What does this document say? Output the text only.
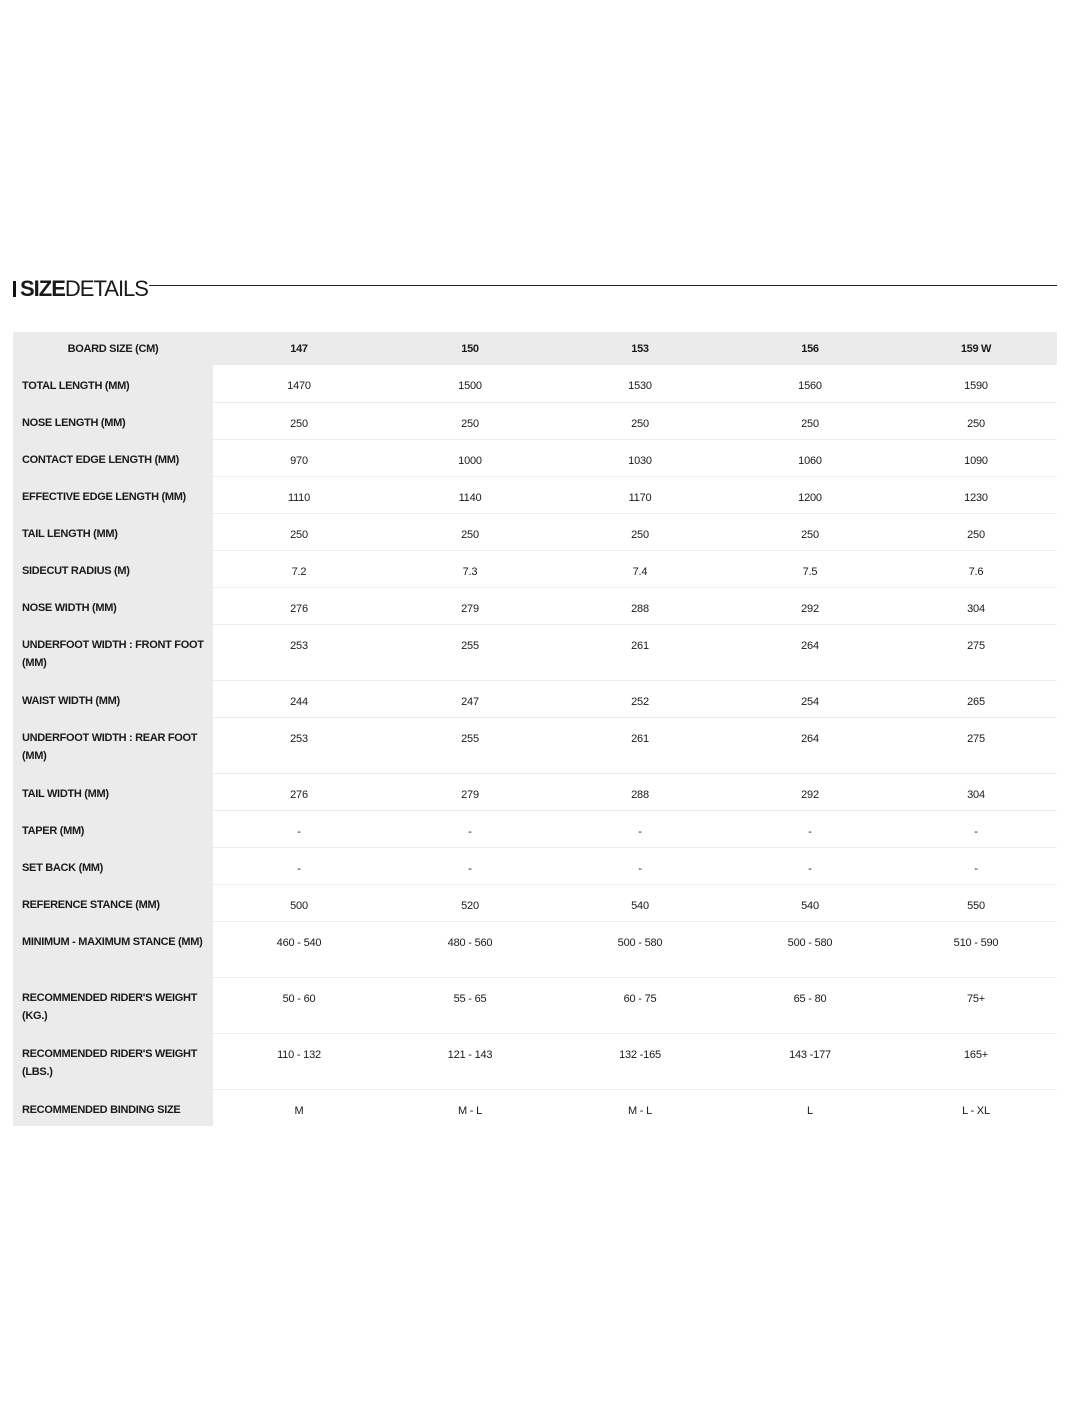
SIZEDETAILS
BOARD SIZE (CM)	147	150	153	156	159 W
TOTAL LENGTH (MM)	1470	1500	1530	1560	1590
NOSE LENGTH (MM)	250	250	250	250	250
CONTACT EDGE LENGTH (MM)	970	1000	1030	1060	1090
EFFECTIVE EDGE LENGTH (MM)	1110	1140	1170	1200	1230
TAIL LENGTH (MM)	250	250	250	250	250
SIDECUT RADIUS (M)	7.2	7.3	7.4	7.5	7.6
NOSE WIDTH (MM)	276	279	288	292	304
UNDERFOOT WIDTH : FRONT FOOT (MM)	253	255	261	264	275
WAIST WIDTH (MM)	244	247	252	254	265
UNDERFOOT WIDTH : REAR FOOT (MM)	253	255	261	264	275
TAIL WIDTH (MM)	276	279	288	292	304
TAPER (MM)	-	-	-	-	-
SET BACK (MM)	-	-	-	-	-
REFERENCE STANCE (MM)	500	520	540	540	550
MINIMUM - MAXIMUM STANCE (MM)	460 - 540	480 - 560	500 - 580	500 - 580	510 - 590
RECOMMENDED RIDER'S WEIGHT (KG.)	50 - 60	55 - 65	60 - 75	65 - 80	75+
RECOMMENDED RIDER'S WEIGHT (LBS.)	110 - 132	121 - 143	132 -165	143 -177	165+
RECOMMENDED BINDING SIZE	M	M - L	M - L	L	L - XL
